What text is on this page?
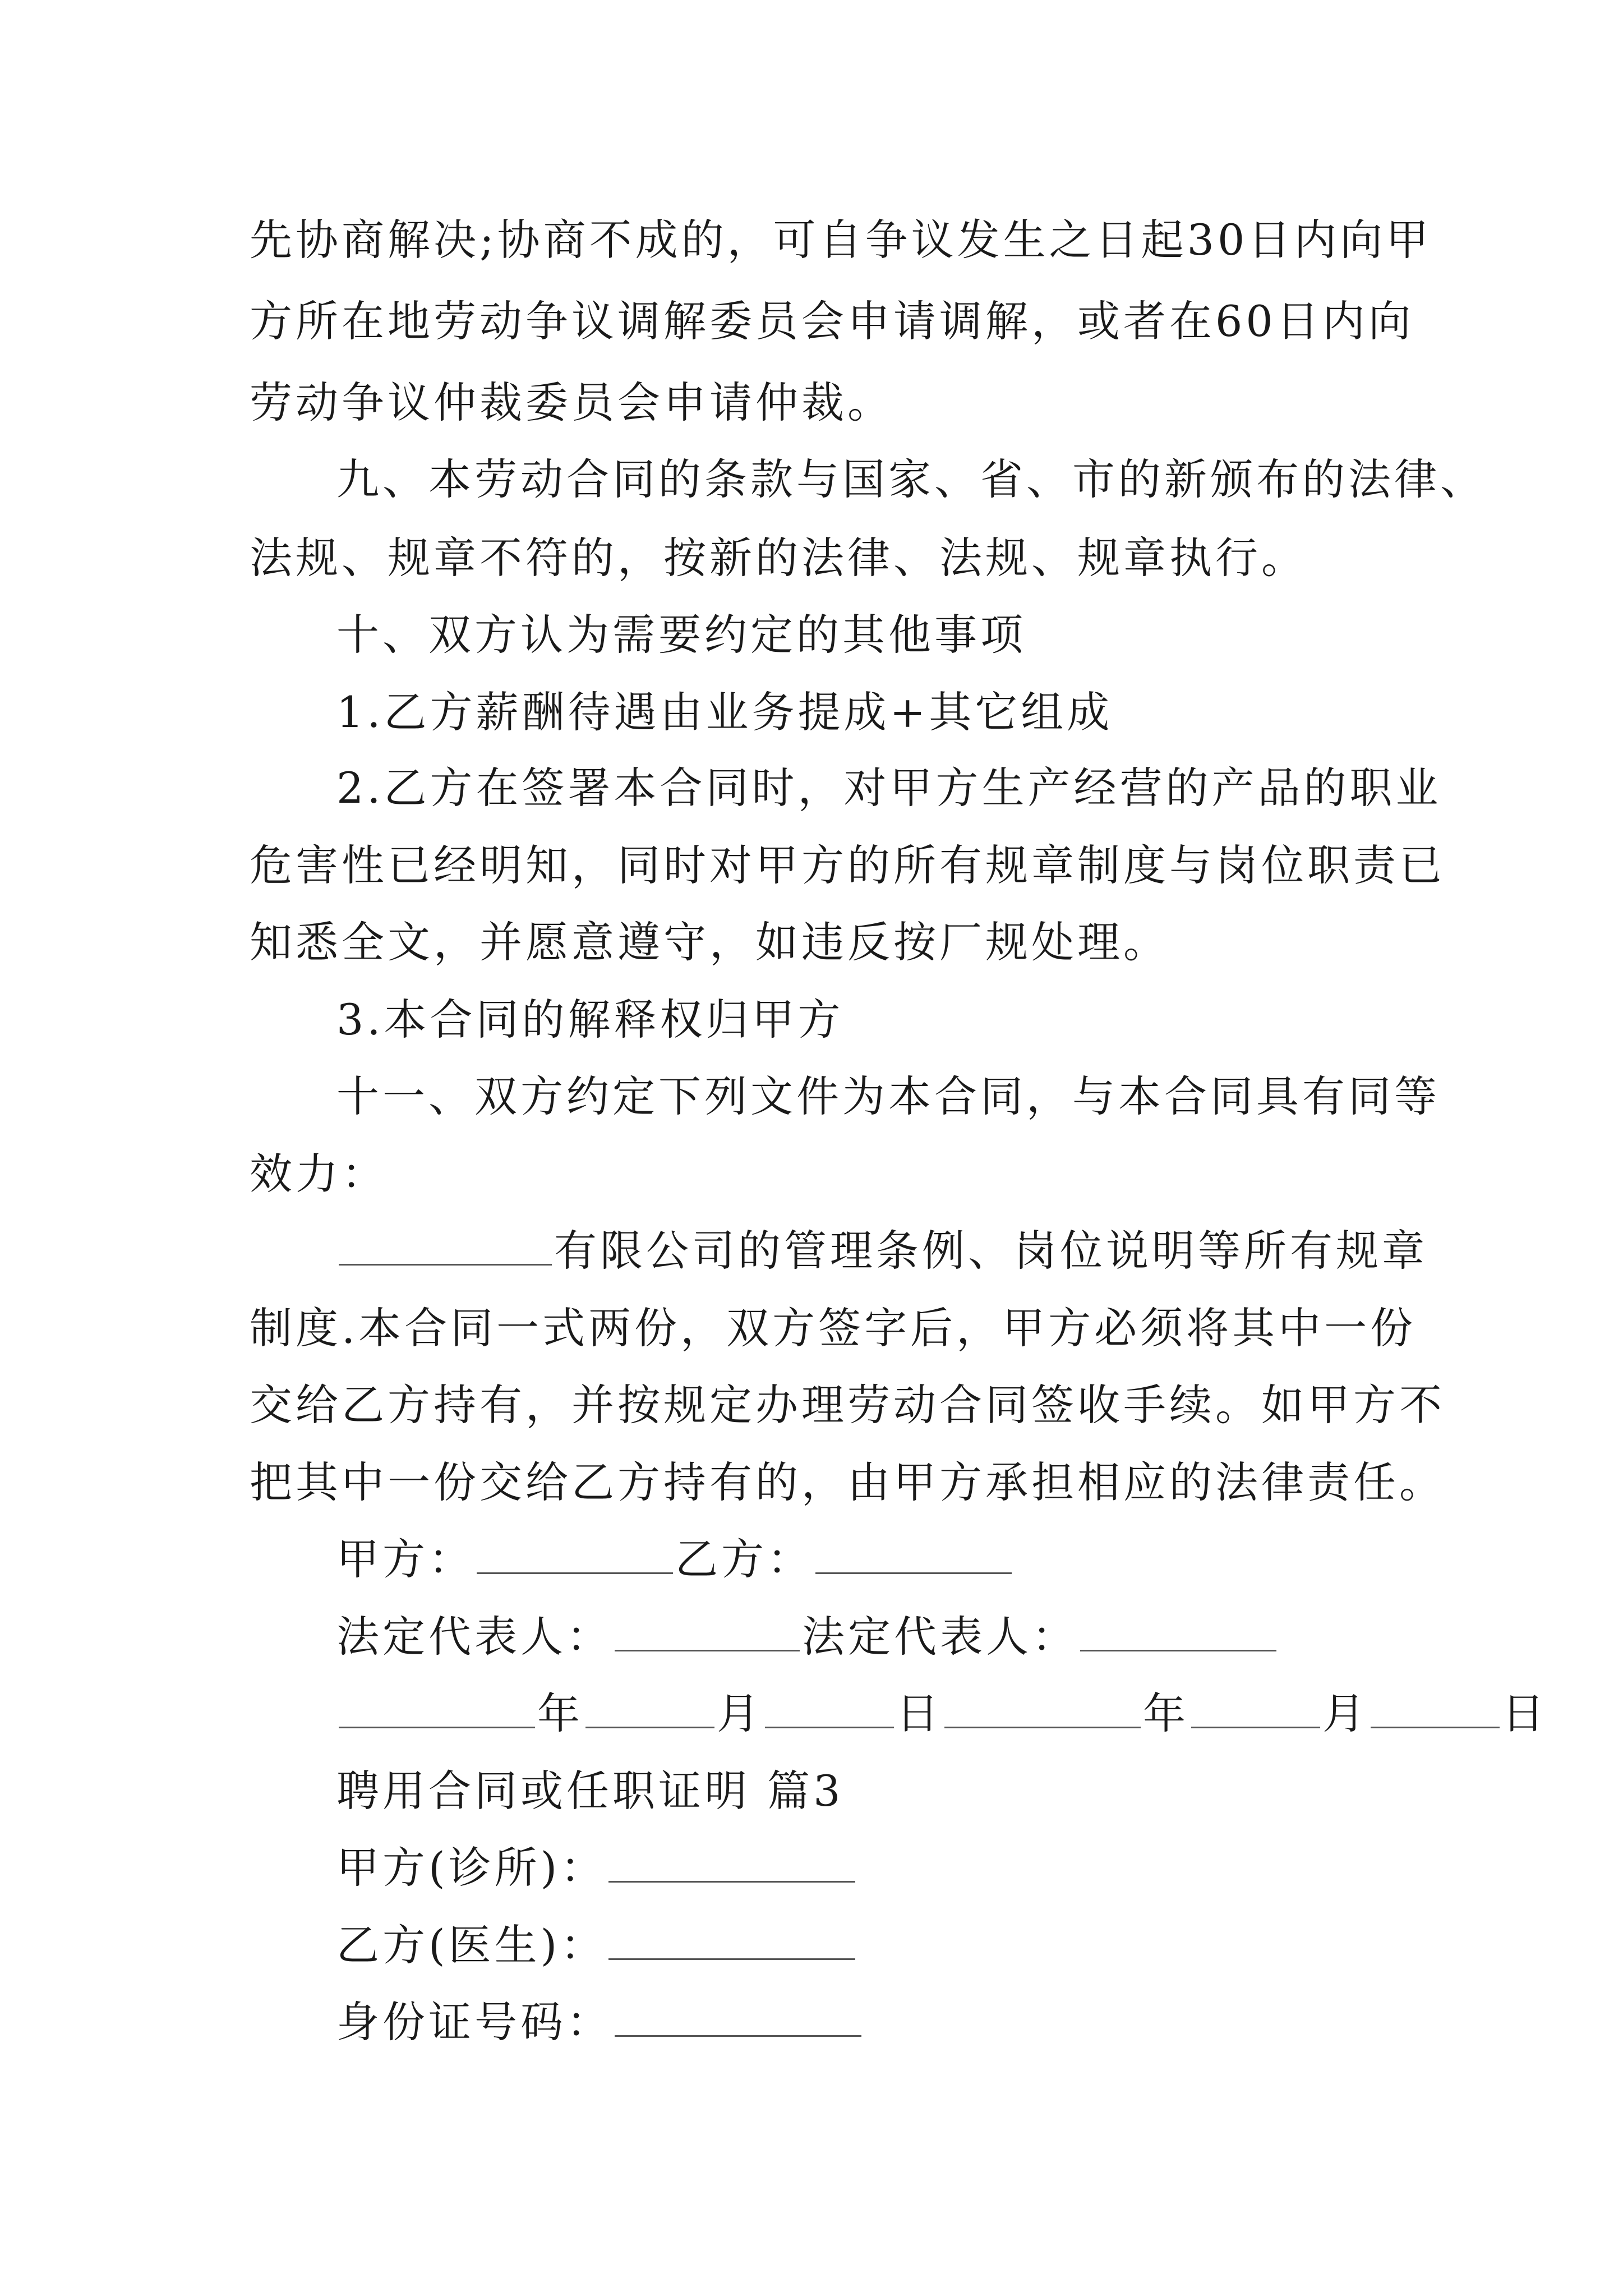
先协商解决;协商不成的，可自争议发生之日起30日内向甲
方所在地劳动争议调解委员会申请调解，或者在60日内向
劳动争议仲裁委员会申请仲裁。
九、本劳动合同的条款与国家、省、市的新颁布的法律、
法规、规章不符的，按新的法律、法规、规章执行。
十、双方认为需要约定的其他事项
1.乙方薪酬待遇由业务提成+其它组成
2.乙方在签署本合同时，对甲方生产经营的产品的职业
危害性已经明知，同时对甲方的所有规章制度与岗位职责已
知悉全文，并愿意遵守，如违反按厂规处理。
3.本合同的解释权归甲方
十一、双方约定下列文件为本合同，与本合同具有同等
效力：
有限公司的管理条例、岗位说明等所有规章
制度.本合同一式两份，双方签字后，甲方必须将其中一份
交给乙方持有，并按规定办理劳动合同签收手续。如甲方不
把其中一份交给乙方持有的，由甲方承担相应的法律责任。
甲方：	乙方：
法定代表人：	法定代表人：
年	月	日	年	月	日
聘用合同或任职证明 篇3
甲方(诊所)：
乙方(医生)：
身份证号码：
